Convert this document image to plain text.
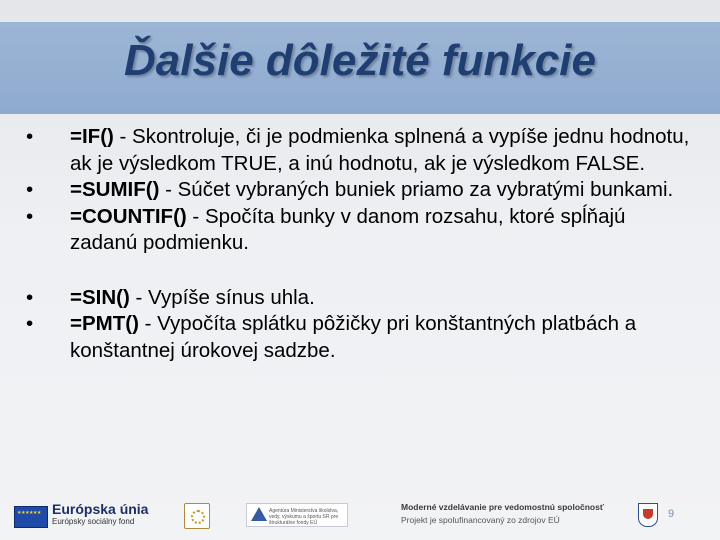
Ďalšie dôležité funkcie
•	=IF() - Skontroluje, či je podmienka splnená a vypíše jednu hodnotu, ak je výsledkom TRUE, a inú hodnotu, ak je výsledkom FALSE.
•	=SUMIF() - Súčet vybraných buniek priamo za vybratými bunkami.
•	=COUNTIF() - Spočíta bunky v danom rozsahu, ktoré spĺňajú zadanú podmienku.
•	=SIN() - Vypíše sínus uhla.
•	=PMT() - Vypočíta splátku pôžičky pri konštantných platbách a konštantnej úrokovej sadzbe.
★★★★★★
Európska únia
Európsky sociálny fond
Agentúra Ministerstva školstva, vedy, výskumu a športu SR pre štrukturálne fondy EÚ
Moderné vzdelávanie pre vedomostnú spoločnosť
Projekt je spolufinancovaný zo zdrojov EÚ	9
